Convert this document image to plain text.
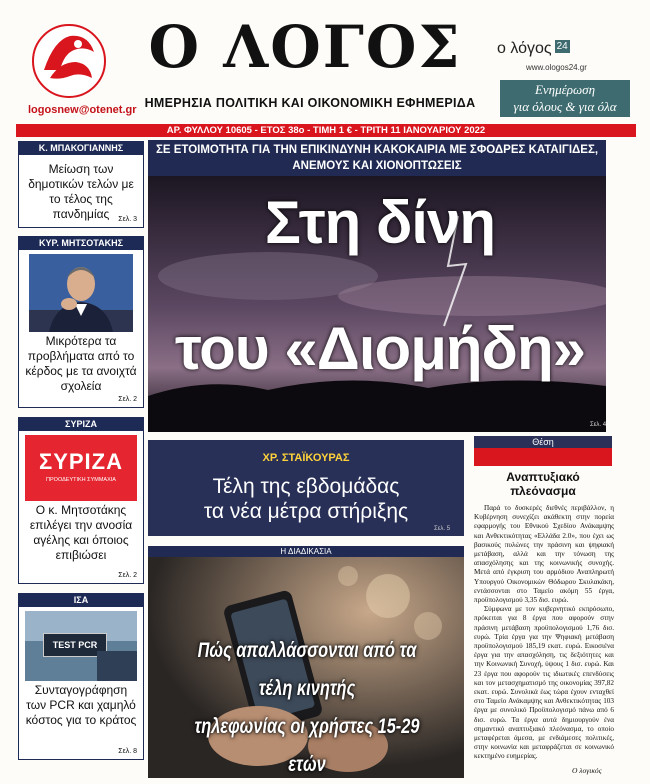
logosnew@otenet.gr
Ο ΛΟΓΟΣ
ΗΜΕΡΗΣΙΑ ΠΟΛΙΤΙΚΗ ΚΑΙ ΟΙΚΟΝΟΜΙΚΗ ΕΦΗΜΕΡΙΔΑ
ο λόγος 24
www.ologos24.gr
Ενημέρωση
για όλους & για όλα
ΑΡ. ΦΥΛΛΟΥ 10605 - ΕΤΟΣ 38ο - ΤΙΜΗ 1 € - ΤΡΙΤΗ 11 ΙΑΝΟΥΑΡΙΟΥ 2022
Κ. ΜΠΑΚΟΓΙΑΝΝΗΣ
Μείωση των δημοτικών τελών με το τέλος της πανδημίας	Σελ. 3
ΚΥΡ. ΜΗΤΣΟΤΑΚΗΣ
Μικρότερα τα προβλήματα από το κέρδος με τα ανοιχτά σχολεία
Σελ. 2
ΣΥΡΙΖΑ
ΣΥΡΙΖΑ
ΠΡΟΟΔΕΥΤΙΚΗ ΣΥΜΜΑΧΙΑ
Ο κ. Μητσοτάκης επιλέγει την ανοσία αγέλης και όποιος επιβιώσει
Σελ. 2
ΙΣΑ
TEST PCR
Συνταγογράφηση των PCR και χαμηλό κόστος για το κράτος
Σελ. 8
ΣΕ ΕΤΟΙΜΟΤΗΤΑ ΓΙΑ ΤΗΝ ΕΠΙΚΙΝΔΥΝΗ ΚΑΚΟΚΑΙΡΙΑ ΜΕ ΣΦΟΔΡΕΣ ΚΑΤΑΙΓΙΔΕΣ,
ΑΝΕΜΟΥΣ ΚΑΙ ΧΙΟΝΟΠΤΩΣΕΙΣ
Στη δίνη
του «Διομήδη»
Σελ. 4
ΧΡ. ΣΤΑΪΚΟΥΡΑΣ
Τέλη της εβδομάδας
τα νέα μέτρα στήριξης
Σελ. 5
Η ΔΙΑΔΙΚΑΣΙΑ
Πώς απαλλάσσονται από τα τέλη κινητής
τηλεφωνίας οι χρήστες 15-29 ετών
Θέση
Αναπτυξιακό πλεόνασμα

Παρά το δυσκερές διεθνές περιβάλλον, η Κυβέρνηση συνεχίζει ακάθεκτη στην πορεία εφαρμογής του Εθνικού Σχεδίου Ανάκαμψης και Ανθεκτικότητας «Ελλάδα 2.0», που έχει ως βασικούς πυλώνες την πράσινη και ψηφιακή μετάβαση, αλλά και την τόνωση της απασχόλησης και της κοινωνικής συνοχής. Μετά από έγκριση του αρμόδιου Αναπληρωτή Υπουργού Οικονομικών Θόδωρου Σκυλακάκη, εντάσσονται στο Ταμείο ακόμη 55 έργα, προϋπολογισμού 3,35 δισ. ευρώ.

Σύμφωνα με τον κυβερνητικό εκπρόσωπο, πρόκειται για 8 έργα που αφορούν στην πράσινη μετάβαση προϋπολογισμού 1,76 δισ. ευρώ. Τρία έργα για την Ψηφιακή μετάβαση προϋπολογισμού 185,19 εκατ. ευρώ. Εικοσιένα έργα για την απασχόληση, τις δεξιότητες και την Κοινωνική Συνοχή, ύψους 1 δισ. ευρώ. Και 23 έργα που αφορούν τις ιδιωτικές επενδύσεις και τον μετασχηματισμό της οικονομίας 397,82 εκατ. ευρώ. Συνολικά έως τώρα έχουν ενταχθεί στο Ταμείο Ανάκαμψης και Ανθεκτικότητας 103 έργα με συνολικό Προϋπολογισμό πάνω από 6 δισ. ευρώ. Τα έργα αυτά δημιουργούν ένα σημαντικό αναπτυξιακό πλεόνασμα, το οποίο μεταφέρεται άμεσα, με ενδιάμεσες πολιτικές, στην κοινωνία και μεταφράζεται σε κοινωνικό κεκτημένο ευημερίας.

Ο λογικός
